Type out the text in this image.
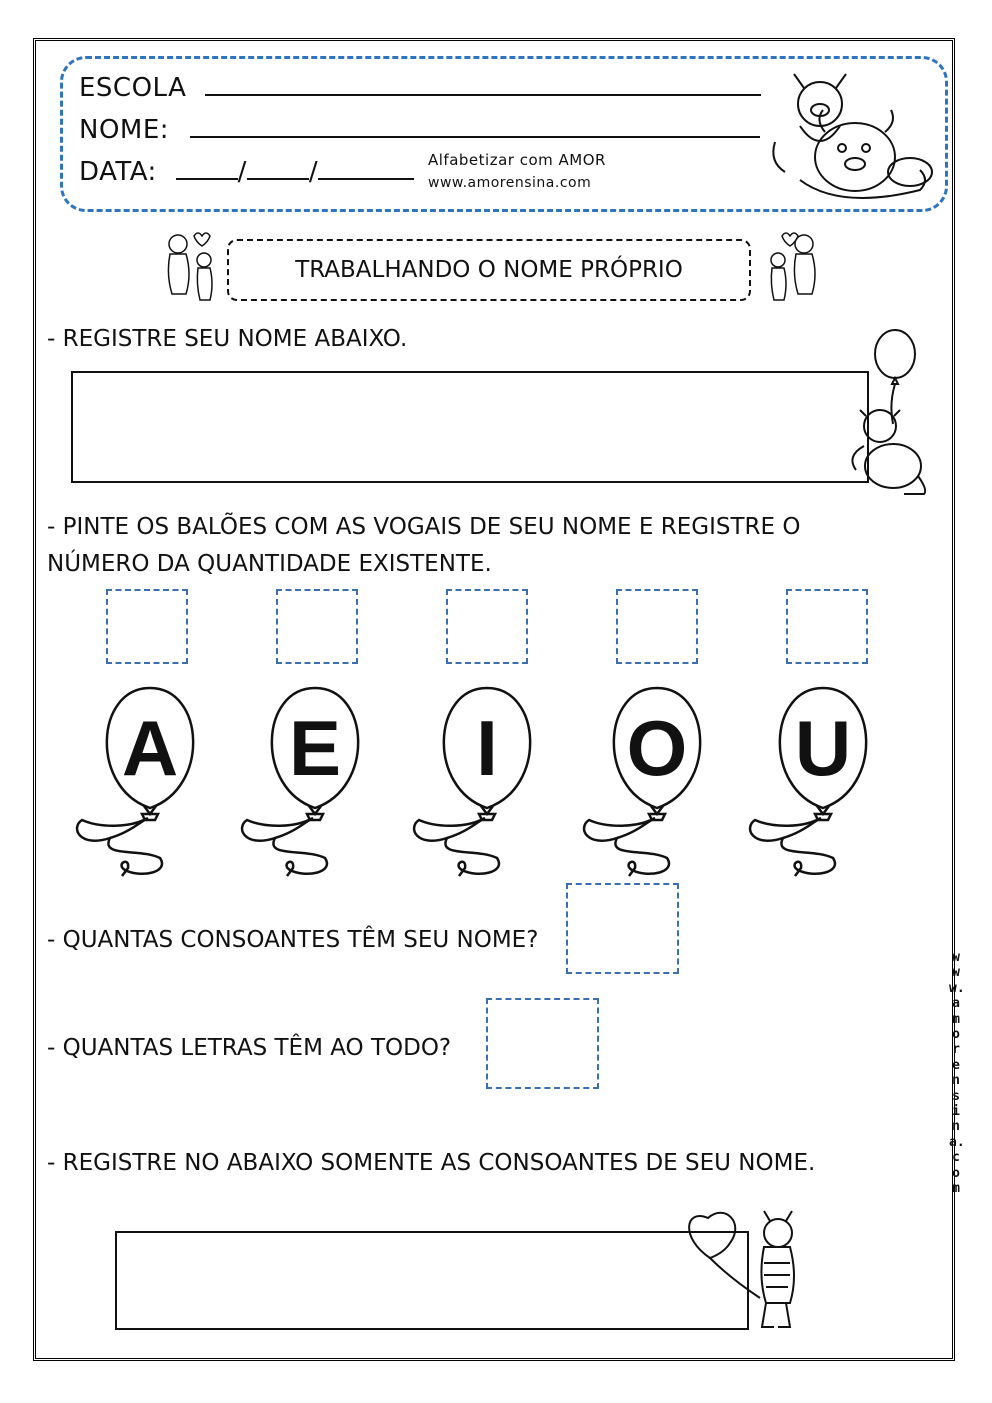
ESCOLA
NOME:
DATA:	/ /	Alfabetizar com AMOR
www.amorensina.com
TRABALHANDO O NOME PRÓPRIO
- REGISTRE SEU NOME ABAIXO.
- PINTE OS BALÕES COM AS VOGAIS DE SEU NOME E REGISTRE O
NÚMERO DA QUANTIDADE EXISTENTE.
A E I O U
- QUANTAS CONSOANTES TÊM SEU NOME?
- QUANTAS LETRAS TÊM AO TODO?
- REGISTRE NO ABAIXO SOMENTE AS CONSOANTES DE SEU NOME.
www.amorensina.com
